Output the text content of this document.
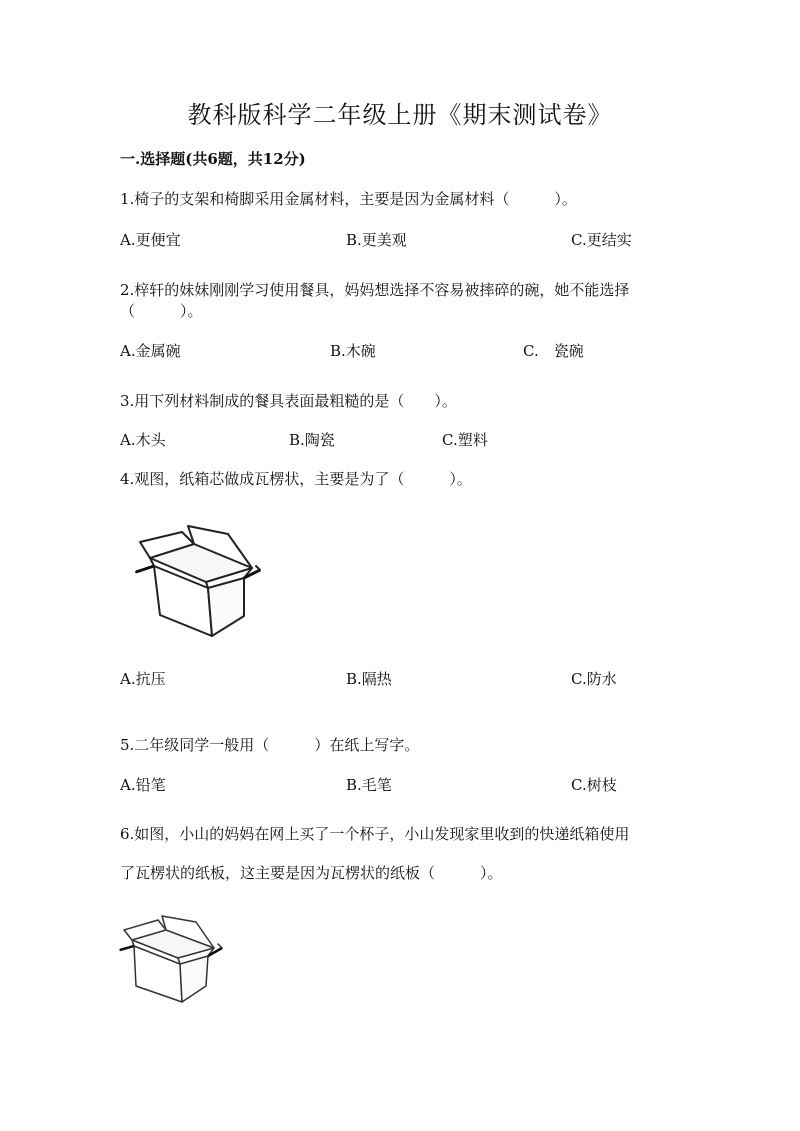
教科版科学二年级上册《期末测试卷》
一.选择题(共6题，共12分)
1.椅子的支架和椅脚采用金属材料，主要是因为金属材料（　　　）。
A.更便宜	B.更美观	C.更结实
2.梓轩的妹妹刚刚学习使用餐具，妈妈想选择不容易被摔碎的碗，她不能选择
（　　　）。
A.金属碗	B.木碗	C.　瓷碗
3.用下列材料制成的餐具表面最粗糙的是（　　）。
A.木头	B.陶瓷	C.塑料
4.观图，纸箱芯做成瓦楞状，主要是为了（　　　）。
A.抗压	B.隔热	C.防水
5.二年级同学一般用（　　　）在纸上写字。
A.铅笔	B.毛笔	C.树枝
6.如图，小山的妈妈在网上买了一个杯子，小山发现家里收到的快递纸箱使用
了瓦楞状的纸板，这主要是因为瓦楞状的纸板（　　　）。
